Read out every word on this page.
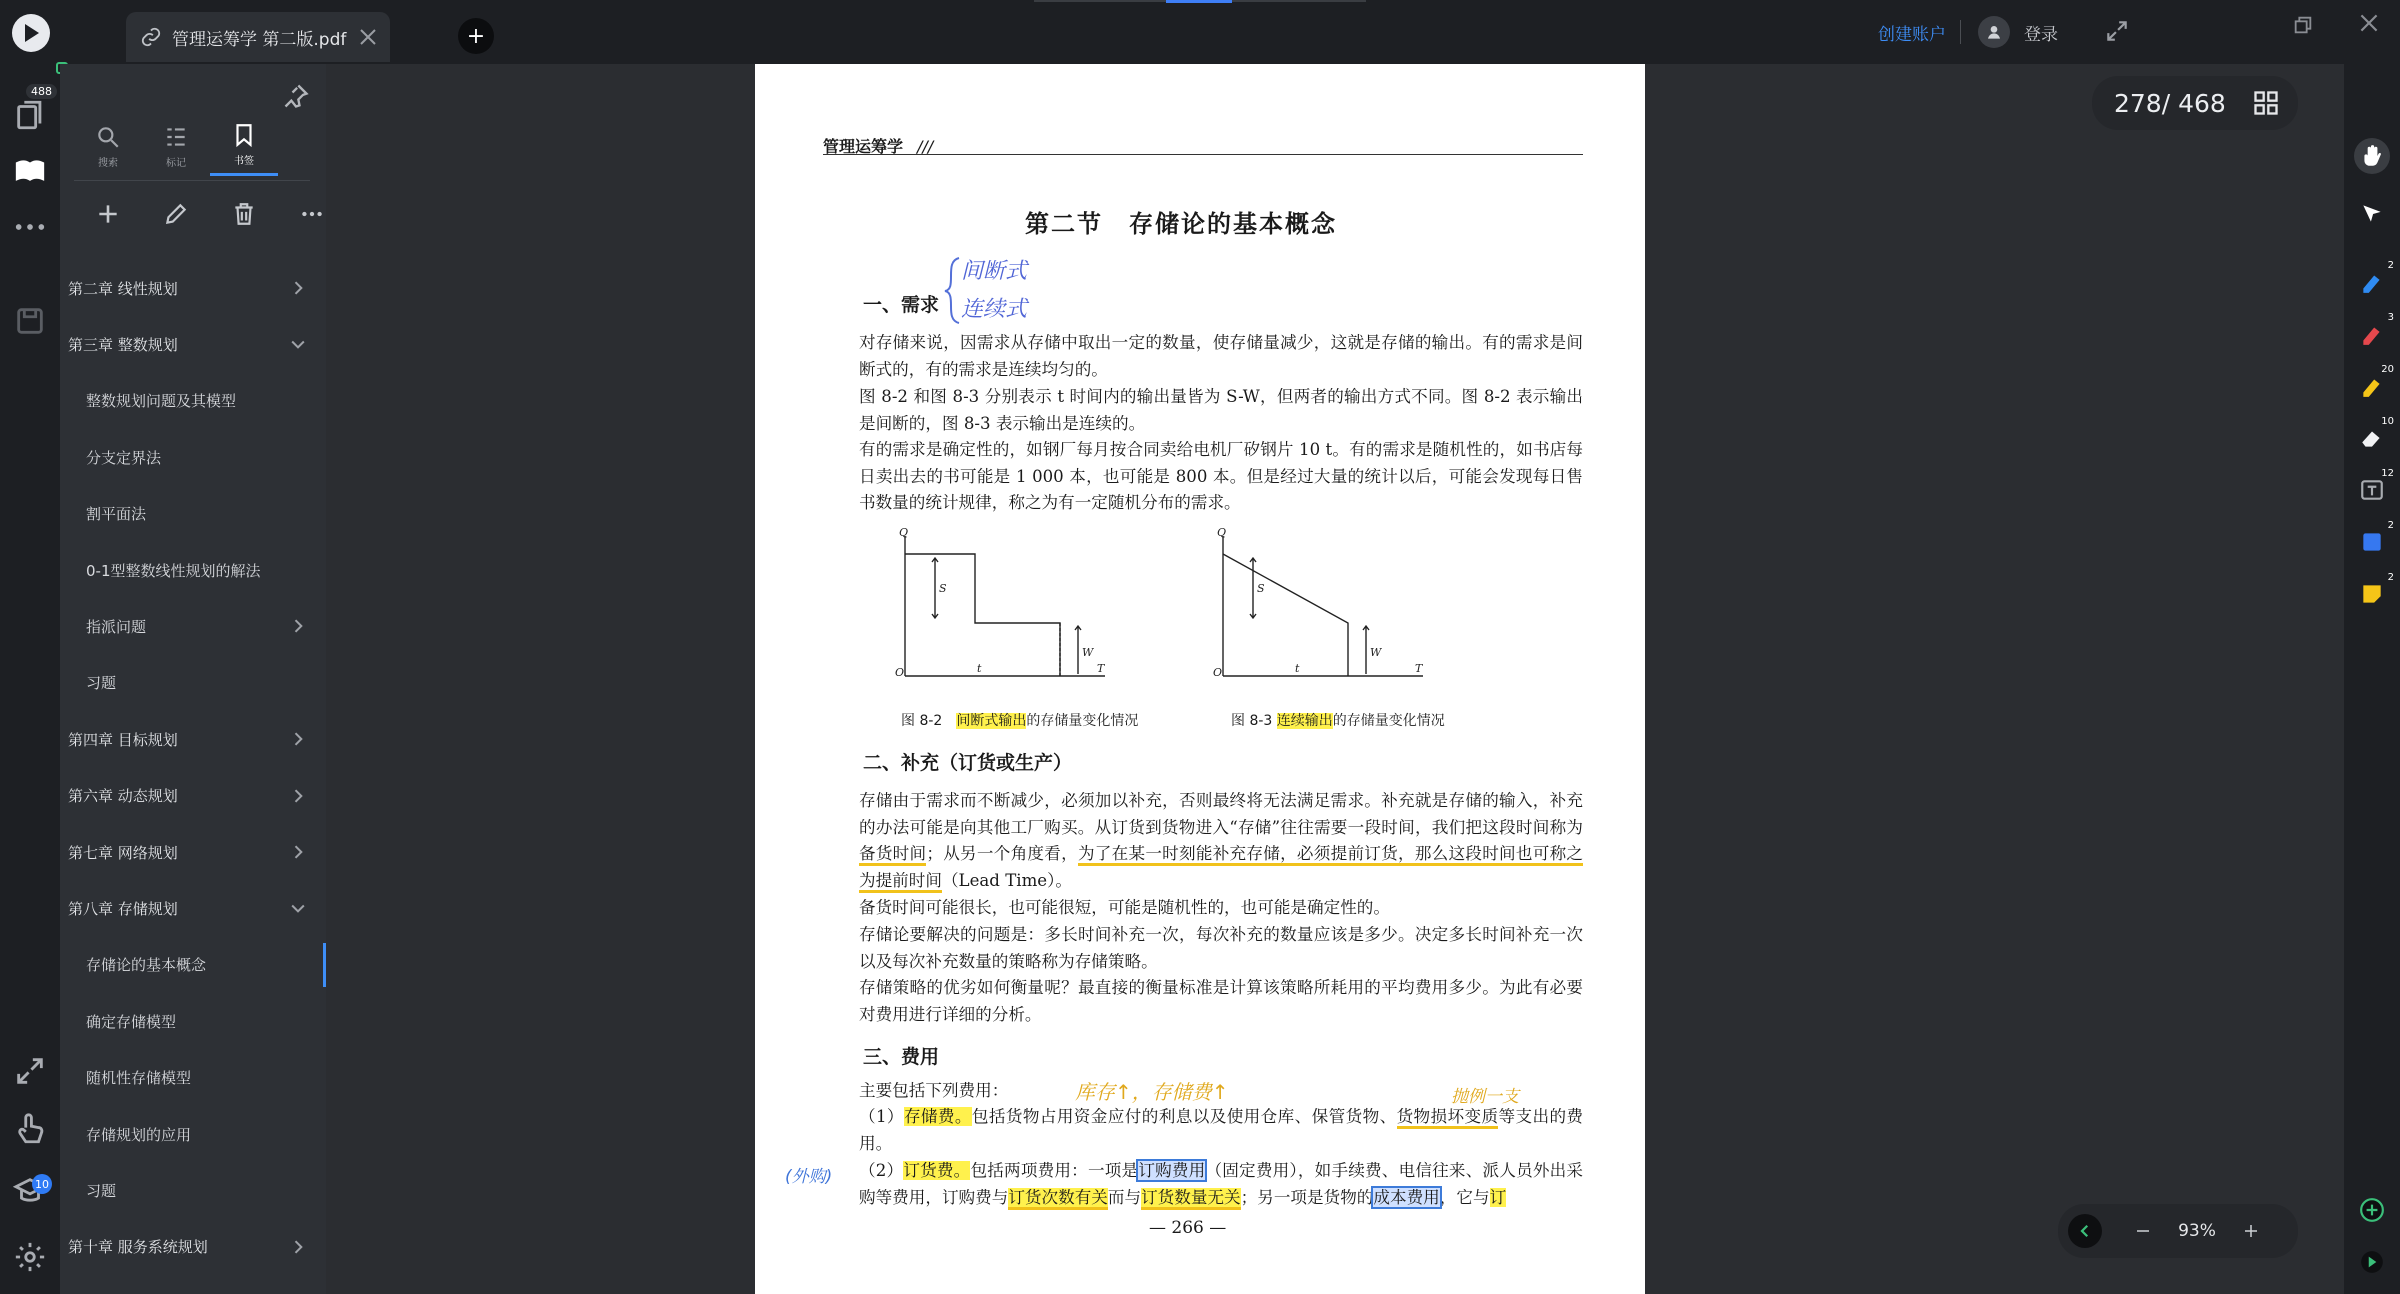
管理运筹学 第二版.pdf	+	创建账户	登录
488
10
搜索	标记	书签
第二章 线性规划
第三章 整数规划
整数规划问题及其模型
分支定界法
割平面法
0-1型整数线性规划的解法
指派问题
习题
第四章 目标规划
第六章 动态规划
第七章 网络规划
第八章 存储规划
存储论的基本概念
确定存储模型
随机性存储模型
存储规划的应用
习题
第十章 服务系统规划
管理运筹学 ///
第二节　存储论的基本概念
间断式
连续式
一、需求
对存储来说，因需求从存储中取出一定的数量，使存储量减少，这就是存储的输出。有的需求是间断式的，有的需求是连续均匀的。
图 8-2 和图 8-3 分别表示 t 时间内的输出量皆为 S-W，但两者的输出方式不同。图 8-2 表示输出是间断的，图 8-3 表示输出是连续的。
有的需求是确定性的，如钢厂每月按合同卖给电机厂矽钢片 10 t。有的需求是随机性的，如书店每日卖出去的书可能是 1 000 本，也可能是 800 本。但是经过大量的统计以后，可能会发现每日售书数量的统计规律，称之为有一定随机分布的需求。
Q
S
W
t	T
O
Q
S
W
t	T
O
图 8-2　间断式输出的存储量变化情况	图 8-3 连续输出的存储量变化情况
二、补充（订货或生产）
存储由于需求而不断减少，必须加以补充，否则最终将无法满足需求。补充就是存储的输入，补充的办法可能是向其他工厂购买。从订货到货物进入“存储”往往需要一段时间，我们把这段时间称为备货时间；从另一个角度看，为了在某一时刻能补充存储，必须提前订货，那么这段时间也可称之为提前时间（Lead Time）。
备货时间可能很长，也可能很短，可能是随机性的，也可能是确定性的。
存储论要解决的问题是：多长时间补充一次，每次补充的数量应该是多少。决定多长时间补充一次以及每次补充数量的策略称为存储策略。
存储策略的优劣如何衡量呢？最直接的衡量标准是计算该策略所耗用的平均费用多少。为此有必要对费用进行详细的分析。
三、费用
主要包括下列费用：	库存↑，存储费↑	抛例一支
（1）存储费。包括货物占用资金应付的利息以及使用仓库、保管货物、货物损坏变质等支出的费用。
(外购)	（2）订货费。包括两项费用：一项是订购费用（固定费用），如手续费、电信往来、派人员外出采购等费用，订购费与订货次数有关而与订货数量无关；另一项是货物的成本费用，它与订
— 266 —
278 / 468
93%
2
3
20
10
12
2
2
